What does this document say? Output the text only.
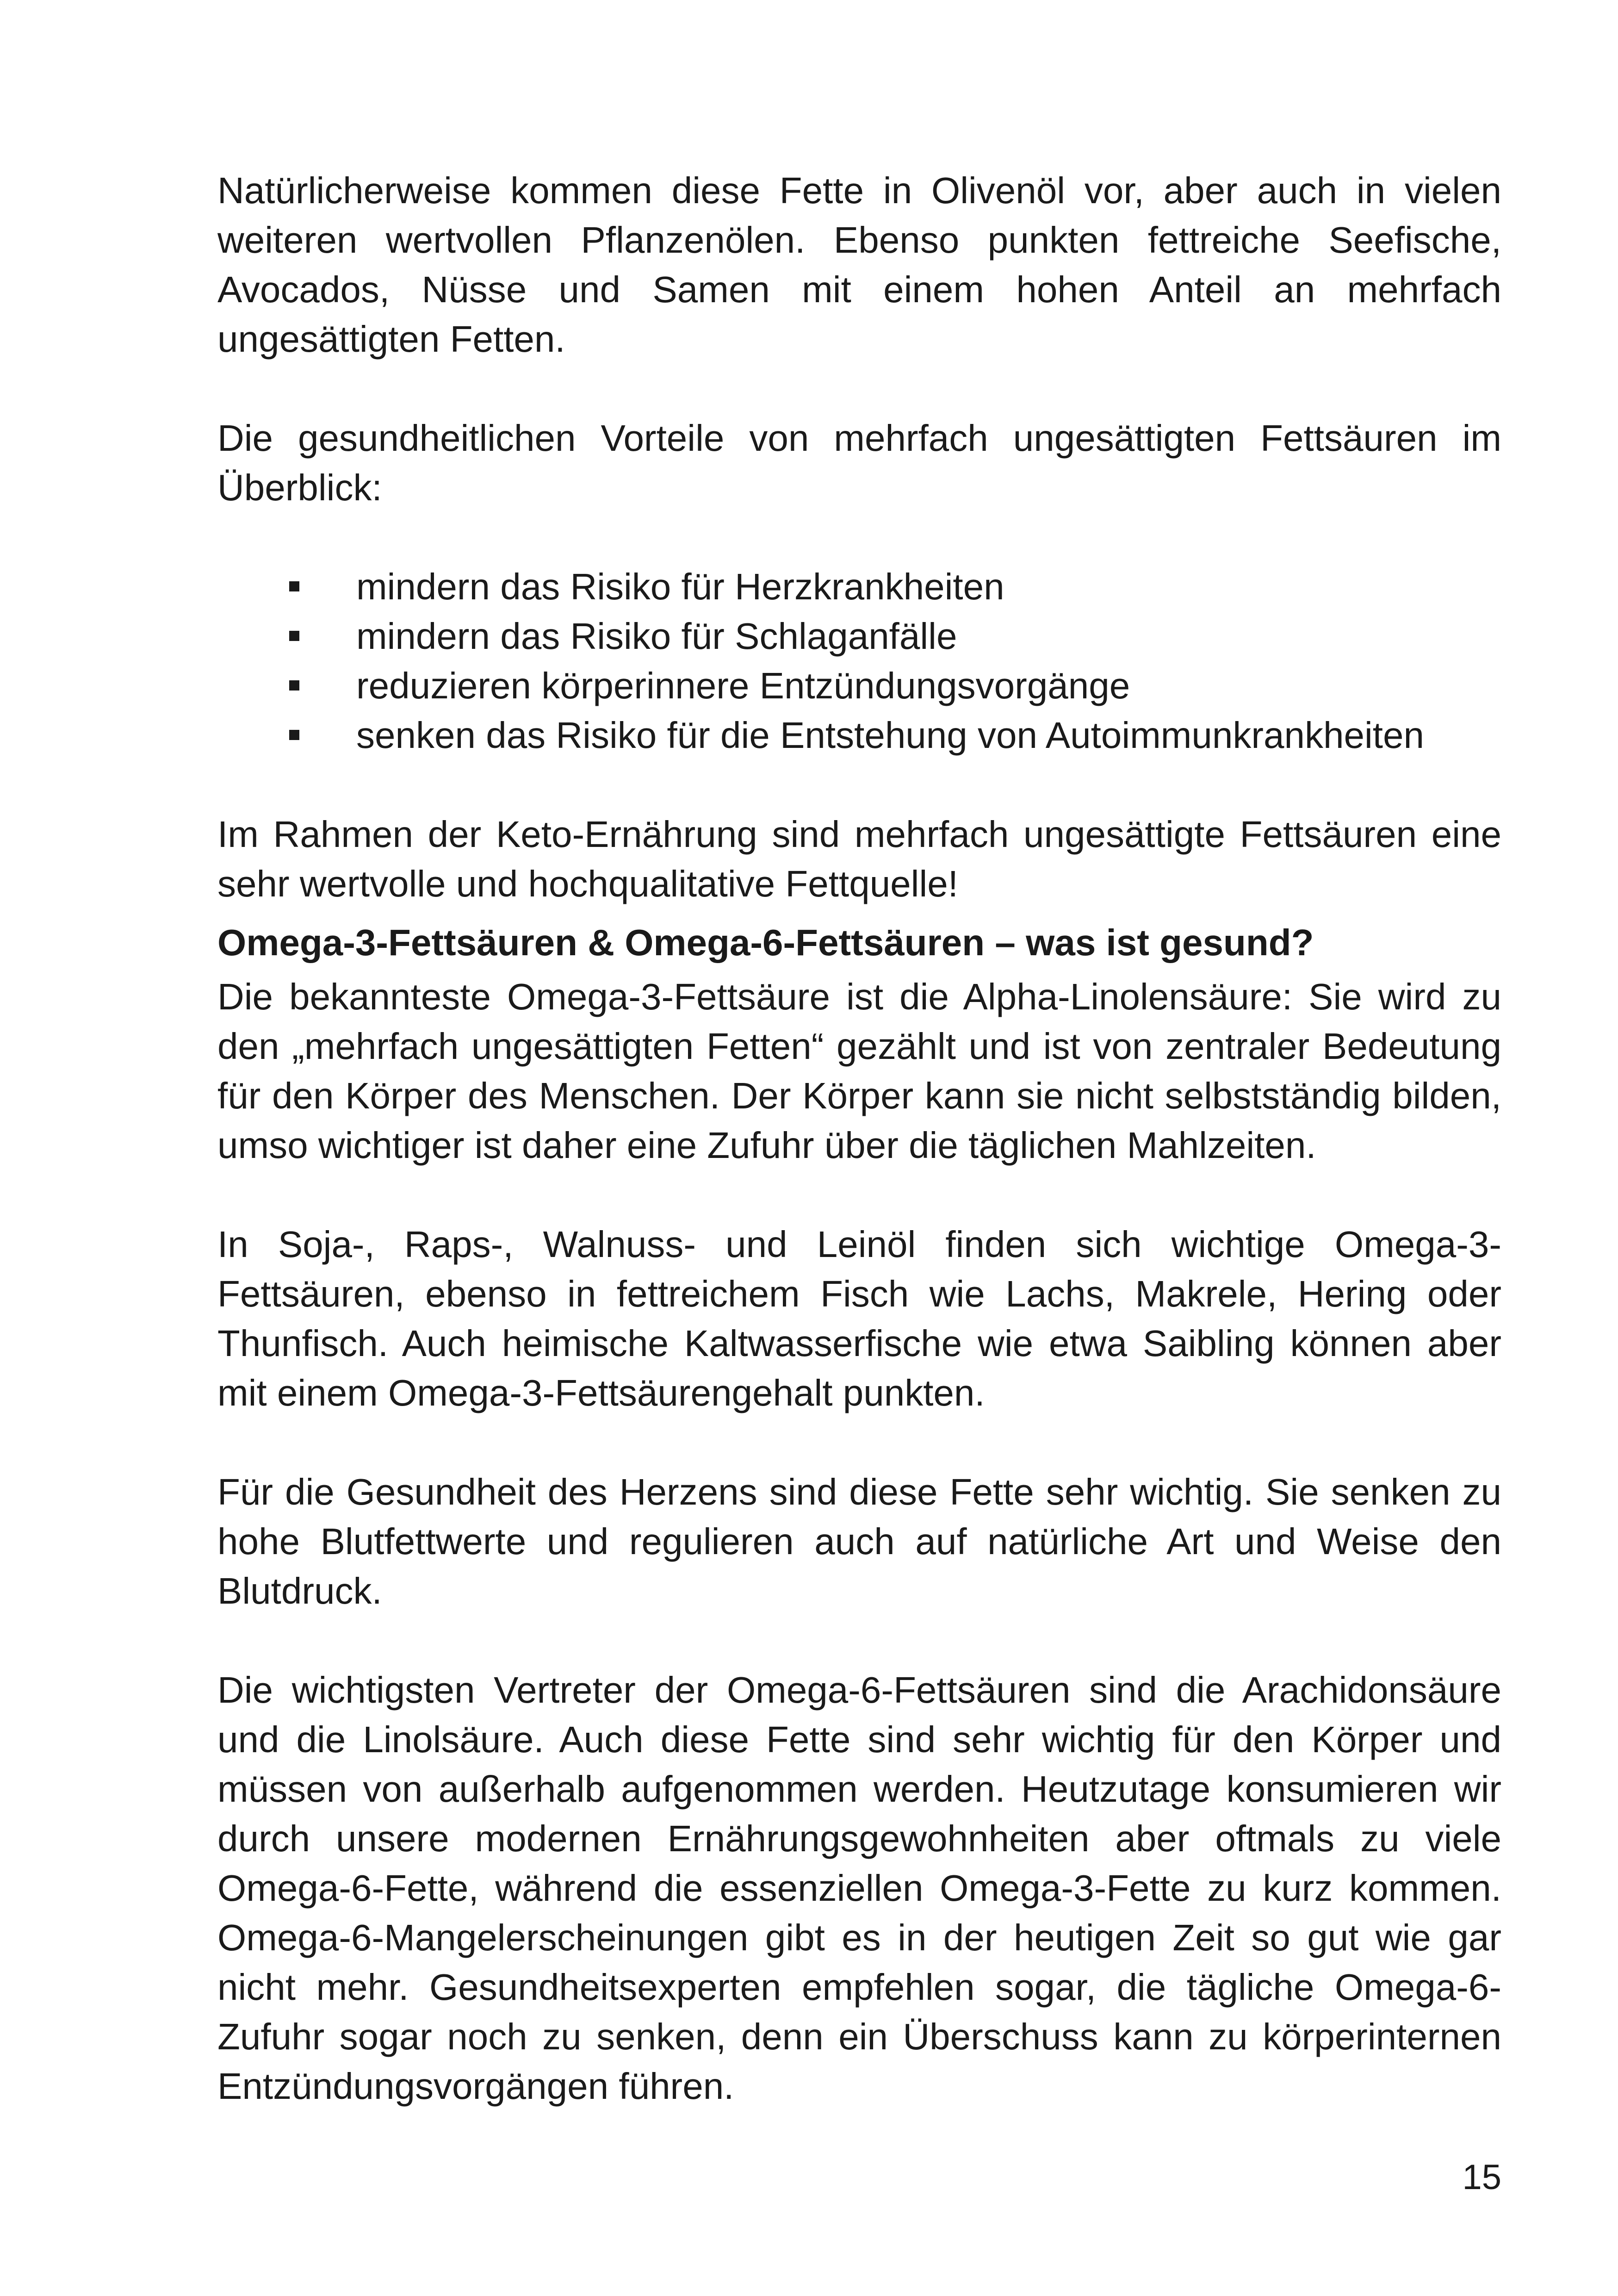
Natürlicherweise kommen diese Fette in Olivenöl vor, aber auch in vielen weiteren wertvollen Pflanzenölen. Ebenso punkten fettreiche Seefische, Avocados, Nüsse und Samen mit einem hohen Anteil an mehrfach ungesättigten Fetten.

Die gesundheitlichen Vorteile von mehrfach ungesättigten Fettsäuren im Überblick:

mindern das Risiko für Herzkrankheiten
mindern das Risiko für Schlaganfälle
reduzieren körperinnere Entzündungsvorgänge
senken das Risiko für die Entstehung von Autoimmunkrankheiten

Im Rahmen der Keto-Ernährung sind mehrfach ungesättigte Fettsäuren eine sehr wertvolle und hochqualitative Fettquelle!

Omega-3-Fettsäuren & Omega-6-Fettsäuren – was ist gesund?

Die bekannteste Omega-3-Fettsäure ist die Alpha-Linolensäure: Sie wird zu den „mehrfach ungesättigten Fetten“ gezählt und ist von zentraler Bedeutung für den Körper des Menschen. Der Körper kann sie nicht selbstständig bilden, umso wichtiger ist daher eine Zufuhr über die täglichen Mahlzeiten.

In Soja-, Raps-, Walnuss- und Leinöl finden sich wichtige Omega-3-Fettsäuren, ebenso in fettreichem Fisch wie Lachs, Makrele, Hering oder Thunfisch. Auch heimische Kaltwasserfische wie etwa Saibling können aber mit einem Omega-3-Fettsäurengehalt punkten.

Für die Gesundheit des Herzens sind diese Fette sehr wichtig. Sie senken zu hohe Blutfettwerte und regulieren auch auf natürliche Art und Weise den Blutdruck.

Die wichtigsten Vertreter der Omega-6-Fettsäuren sind die Arachidonsäure und die Linolsäure. Auch diese Fette sind sehr wichtig für den Körper und müssen von außerhalb aufgenommen werden. Heutzutage konsumieren wir durch unsere modernen Ernährungsgewohnheiten aber oftmals zu viele Omega-6-Fette, während die essenziellen Omega-3-Fette zu kurz kommen. Omega-6-Mangelerscheinungen gibt es in der heutigen Zeit so gut wie gar nicht mehr. Gesundheitsexperten empfehlen sogar, die tägliche Omega-6-Zufuhr sogar noch zu senken, denn ein Überschuss kann zu körperinternen Entzündungsvorgängen führen.

15
